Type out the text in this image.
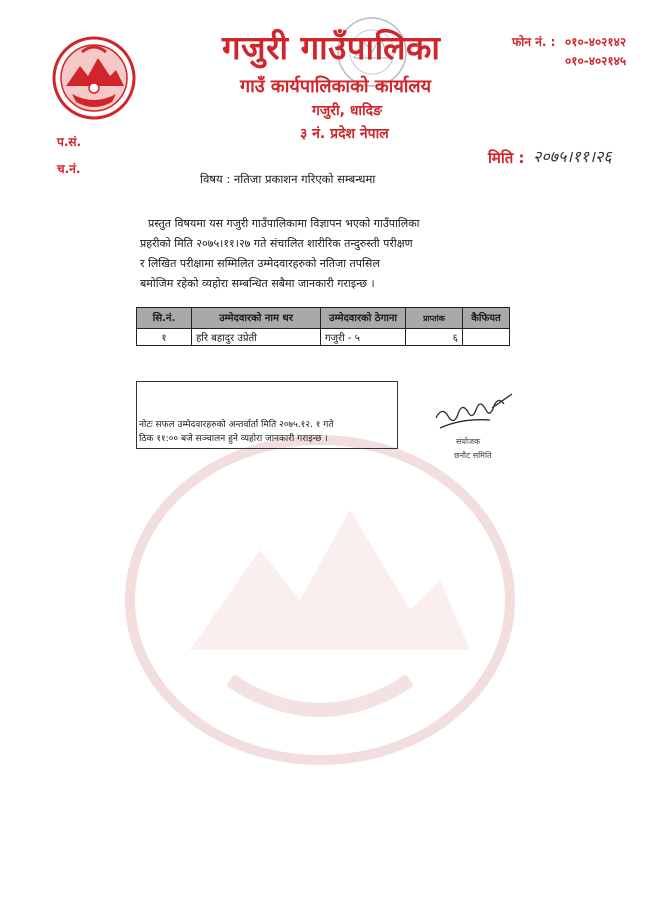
गजुरी गाउँपालिका
गाउँ कार्यपालिकाको कार्यालय
गजुरी, धादिङ
३ नं. प्रदेश नेपाल
फोन नं. : ०१०-४०२१४२
०१०-४०२१४५
प.सं.
च.नं.
मिति : २०७५।११।२६
विषय : नतिजा प्रकाशन गरिएको सम्बन्धमा
प्रस्तुत विषयमा यस गजुरी गाउँपालिकामा विज्ञापन भएको गाउँपालिका
प्रहरीको मिति २०७५।११।२७ गते संचालित शारीरिक तन्दुरुस्ती परीक्षण
र लिखित परीक्षामा सम्मिलित उम्मेदवारहरुको नतिजा तपसिल
बमोजिम रहेको व्यहोरा सम्बन्धित सबैमा जानकारी गराइन्छ ।
सि.नं.	उम्मेदवारको नाम थर	उम्मेदवारको ठेगाना	प्राप्तांक	कैफियत
१	हरि बहादुर उप्रेती	गजुरी - ५	६	
नोटः सफल उम्मेदवारहरुको अन्तर्वार्ता मिति २०७५.१२. १ गते
ठिक ११:०० बजे सञ्चालन हुने व्यहोरा जानकारी गराइन्छ ।	संयोजक
छनौट समिति
